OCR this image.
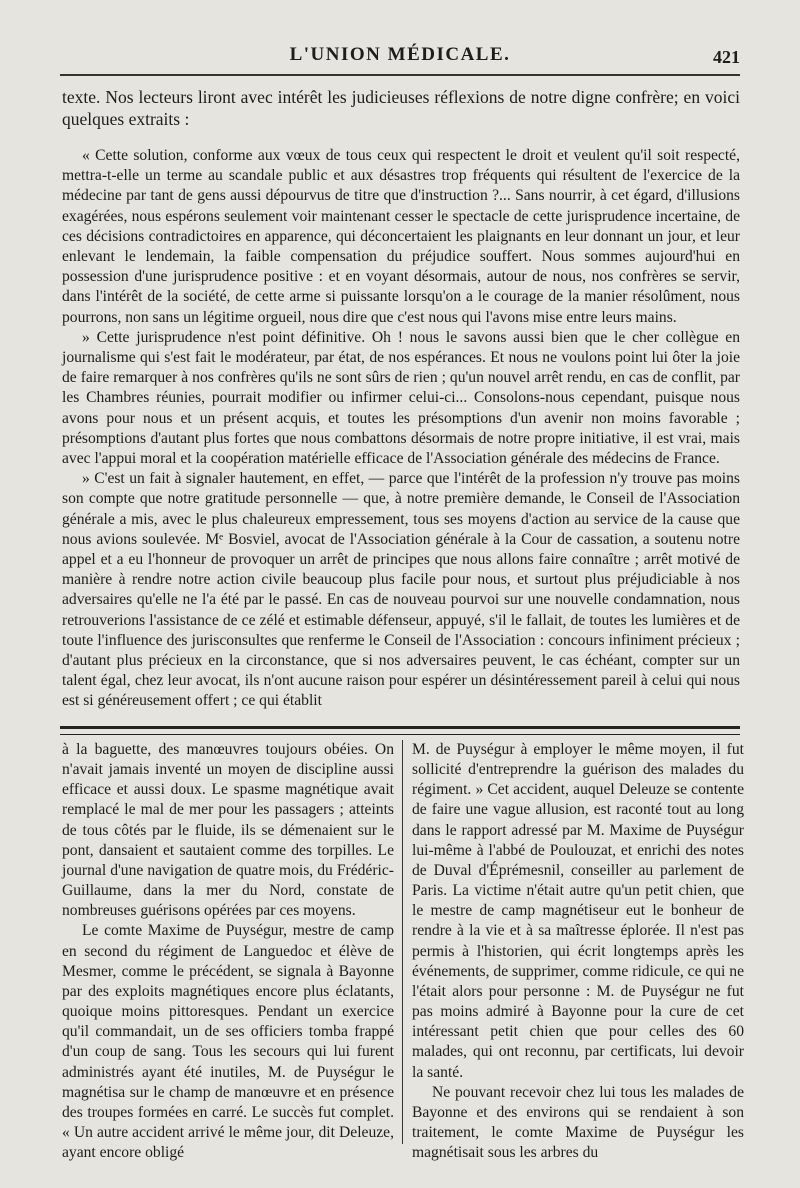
L'UNION MÉDICALE.	421

texte. Nos lecteurs liront avec intérêt les judicieuses réflexions de notre digne confrère; en voici quelques extraits :

« Cette solution, conforme aux vœux de tous ceux qui respectent le droit et veulent qu'il soit respecté, mettra-t-elle un terme au scandale public et aux désastres trop fréquents qui résultent de l'exercice de la médecine par tant de gens aussi dépourvus de titre que d'instruction ?... Sans nourrir, à cet égard, d'illusions exagérées, nous espérons seulement voir maintenant cesser le spectacle de cette jurisprudence incertaine, de ces décisions contradictoires en apparence, qui déconcertaient les plaignants en leur donnant un jour, et leur enlevant le lendemain, la faible compensation du préjudice souffert. Nous sommes aujourd'hui en possession d'une jurisprudence positive : et en voyant désormais, autour de nous, nos confrères se servir, dans l'intérêt de la société, de cette arme si puissante lorsqu'on a le courage de la manier résolûment, nous pourrons, non sans un légitime orgueil, nous dire que c'est nous qui l'avons mise entre leurs mains.

» Cette jurisprudence n'est point définitive. Oh ! nous le savons aussi bien que le cher collègue en journalisme qui s'est fait le modérateur, par état, de nos espérances. Et nous ne voulons point lui ôter la joie de faire remarquer à nos confrères qu'ils ne sont sûrs de rien ; qu'un nouvel arrêt rendu, en cas de conflit, par les Chambres réunies, pourrait modifier ou infirmer celui-ci... Consolons-nous cependant, puisque nous avons pour nous et un présent acquis, et toutes les présomptions d'un avenir non moins favorable ; présomptions d'autant plus fortes que nous combattons désormais de notre propre initiative, il est vrai, mais avec l'appui moral et la coopération matérielle efficace de l'Association générale des médecins de France.

» C'est un fait à signaler hautement, en effet, — parce que l'intérêt de la profession n'y trouve pas moins son compte que notre gratitude personnelle — que, à notre première demande, le Conseil de l'Association générale a mis, avec le plus chaleureux empressement, tous ses moyens d'action au service de la cause que nous avions soulevée. Mᵉ Bosviel, avocat de l'Association générale à la Cour de cassation, a soutenu notre appel et a eu l'honneur de provoquer un arrêt de principes que nous allons faire connaître ; arrêt motivé de manière à rendre notre action civile beaucoup plus facile pour nous, et surtout plus préjudiciable à nos adversaires qu'elle ne l'a été par le passé. En cas de nouveau pourvoi sur une nouvelle condamnation, nous retrouverions l'assistance de ce zélé et estimable défenseur, appuyé, s'il le fallait, de toutes les lumières et de toute l'influence des jurisconsultes que renferme le Conseil de l'Association : concours infiniment précieux ; d'autant plus précieux en la circonstance, que si nos adversaires peuvent, le cas échéant, compter sur un talent égal, chez leur avocat, ils n'ont aucune raison pour espérer un désintéressement pareil à celui qui nous est si généreusement offert ; ce qui établit

à la baguette, des manœuvres toujours obéies. On n'avait jamais inventé un moyen de discipline aussi efficace et aussi doux. Le spasme magnétique avait remplacé le mal de mer pour les passagers ; atteints de tous côtés par le fluide, ils se démenaient sur le pont, dansaient et sautaient comme des torpilles. Le journal d'une navigation de quatre mois, du Frédéric-Guillaume, dans la mer du Nord, constate de nombreuses guérisons opérées par ces moyens.

Le comte Maxime de Puységur, mestre de camp en second du régiment de Languedoc et élève de Mesmer, comme le précédent, se signala à Bayonne par des exploits magnétiques encore plus éclatants, quoique moins pittoresques. Pendant un exercice qu'il commandait, un de ses officiers tomba frappé d'un coup de sang. Tous les secours qui lui furent administrés ayant été inutiles, M. de Puységur le magnétisa sur le champ de manœuvre et en présence des troupes formées en carré. Le succès fut complet. « Un autre accident arrivé le même jour, dit Deleuze, ayant encore obligé

M. de Puységur à employer le même moyen, il fut sollicité d'entreprendre la guérison des malades du régiment. » Cet accident, auquel Deleuze se contente de faire une vague allusion, est raconté tout au long dans le rapport adressé par M. Maxime de Puységur lui-même à l'abbé de Poulouzat, et enrichi des notes de Duval d'Éprémesnil, conseiller au parlement de Paris. La victime n'était autre qu'un petit chien, que le mestre de camp magnétiseur eut le bonheur de rendre à la vie et à sa maîtresse éplorée. Il n'est pas permis à l'historien, qui écrit longtemps après les événements, de supprimer, comme ridicule, ce qui ne l'était alors pour personne : M. de Puységur ne fut pas moins admiré à Bayonne pour la cure de cet intéressant petit chien que pour celles des 60 malades, qui ont reconnu, par certificats, lui devoir la santé.

Ne pouvant recevoir chez lui tous les malades de Bayonne et des environs qui se rendaient à son traitement, le comte Maxime de Puységur les magnétisait sous les arbres du
